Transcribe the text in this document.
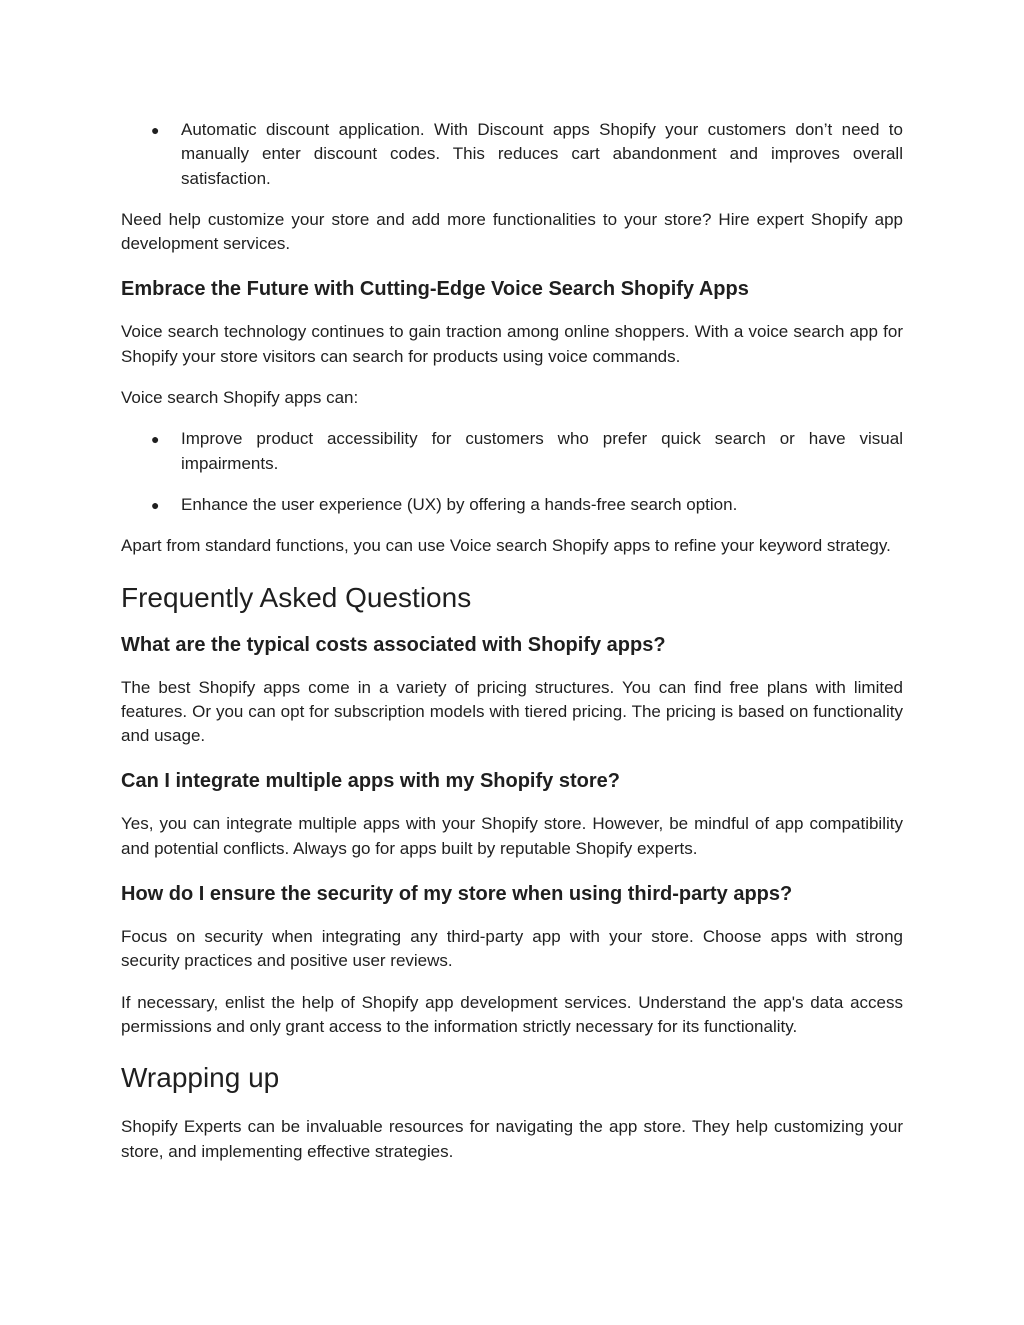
● Automatic discount application. With Discount apps Shopify your customers don’t need to manually enter discount codes. This reduces cart abandonment and improves overall satisfaction.

Need help customize your store and add more functionalities to your store? Hire expert Shopify app development services.

Embrace the Future with Cutting-Edge Voice Search Shopify Apps

Voice search technology continues to gain traction among online shoppers. With a voice search app for Shopify your store visitors can search for products using voice commands.

Voice search Shopify apps can:

● Improve product accessibility for customers who prefer quick search or have visual impairments.
● Enhance the user experience (UX) by offering a hands-free search option.

Apart from standard functions, you can use Voice search Shopify apps to refine your keyword strategy.

Frequently Asked Questions
What are the typical costs associated with Shopify apps?

The best Shopify apps come in a variety of pricing structures. You can find free plans with limited features. Or you can opt for subscription models with tiered pricing. The pricing is based on functionality and usage.

Can I integrate multiple apps with my Shopify store?

Yes, you can integrate multiple apps with your Shopify store. However, be mindful of app compatibility and potential conflicts. Always go for apps built by reputable Shopify experts.

How do I ensure the security of my store when using third-party apps?

Focus on security when integrating any third-party app with your store. Choose apps with strong security practices and positive user reviews.

If necessary, enlist the help of Shopify app development services. Understand the app's data access permissions and only grant access to the information strictly necessary for its functionality.

Wrapping up

Shopify Experts can be invaluable resources for navigating the app store. They help customizing your store, and implementing effective strategies.
